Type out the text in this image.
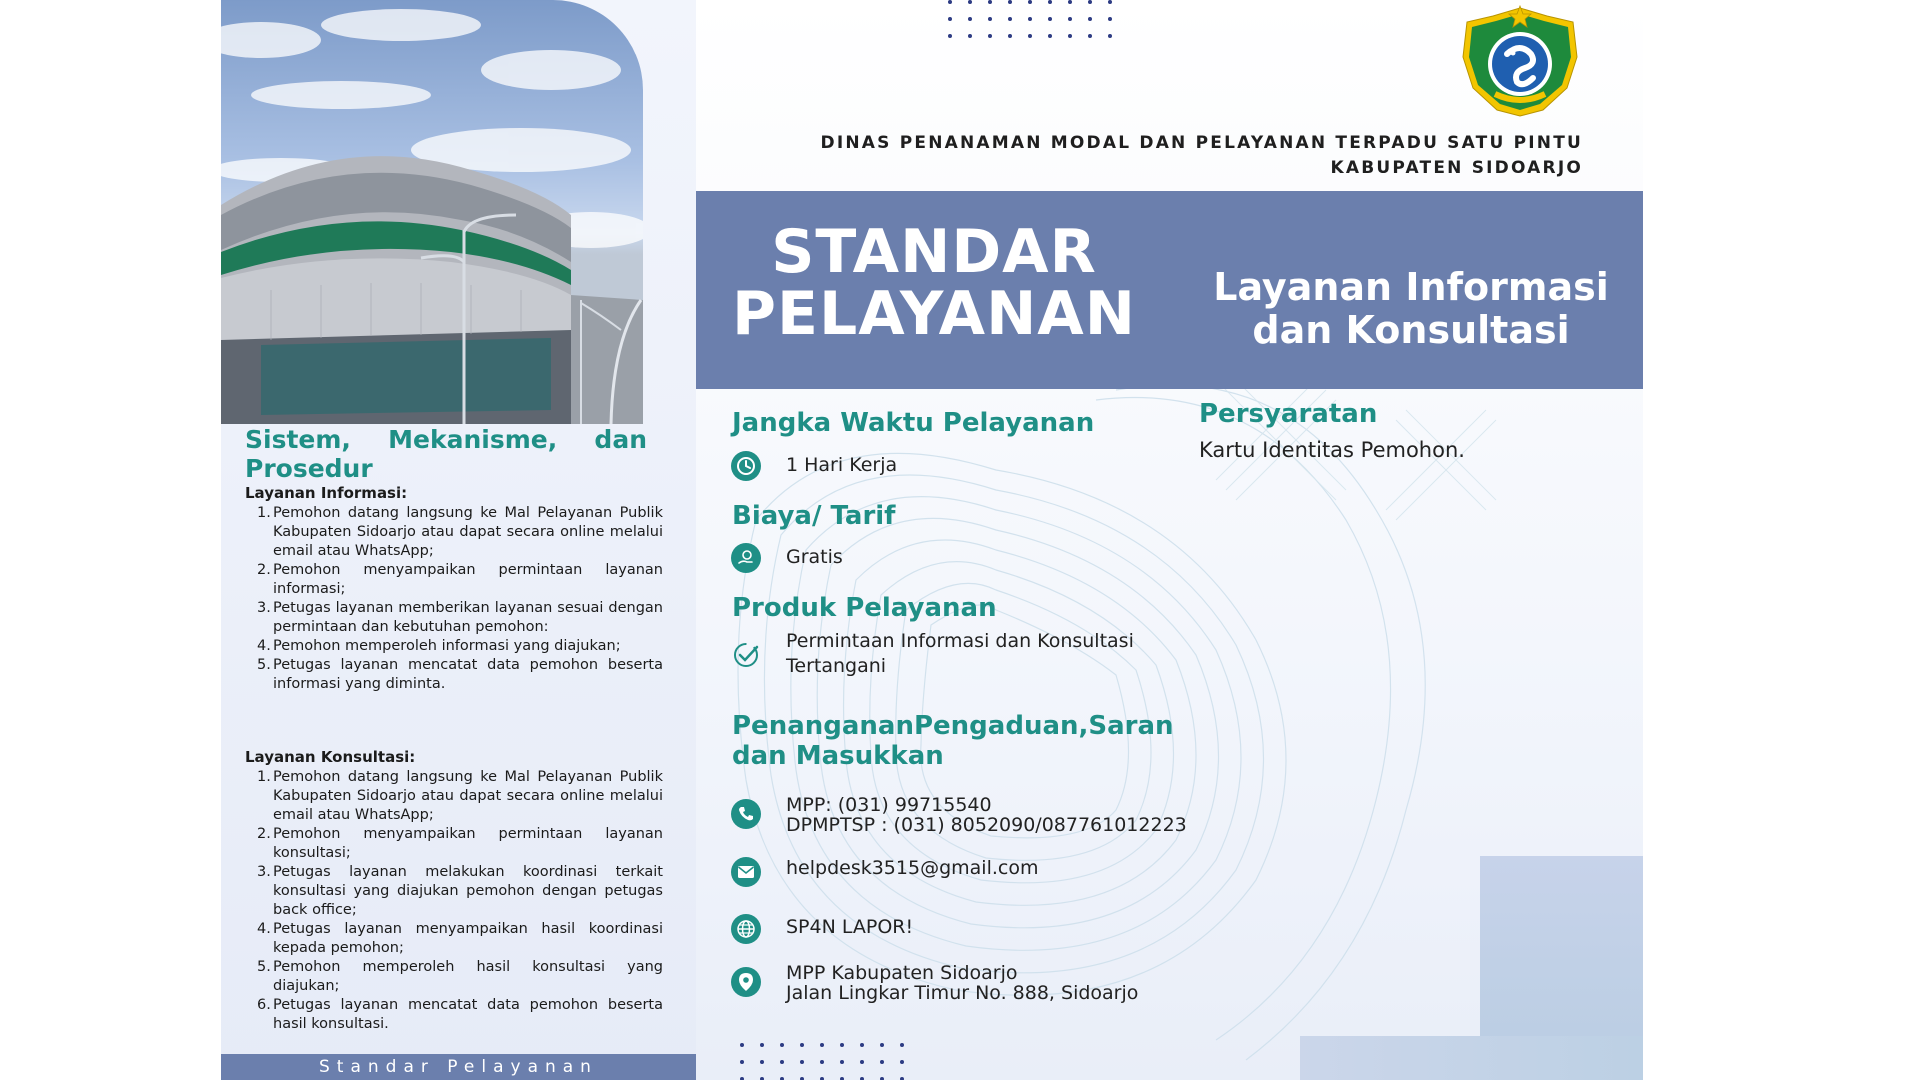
Sistem, Mekanisme, dan
Prosedur
Layanan Informasi:
1. Pemohon datang langsung ke Mal Pelayanan Publik Kabupaten Sidoarjo atau dapat secara online melalui email atau WhatsApp;
2. Pemohon menyampaikan permintaan layanan informasi;
3. Petugas layanan memberikan layanan sesuai dengan permintaan dan kebutuhan pemohon:
4. Pemohon memperoleh informasi yang diajukan;
5. Petugas layanan mencatat data pemohon beserta informasi yang diminta.
Layanan Konsultasi:
1. Pemohon datang langsung ke Mal Pelayanan Publik Kabupaten Sidoarjo atau dapat secara online melalui email atau WhatsApp;
2. Pemohon menyampaikan permintaan layanan konsultasi;
3. Petugas layanan melakukan koordinasi terkait konsultasi yang diajukan pemohon dengan petugas back office;
4. Petugas layanan menyampaikan hasil koordinasi kepada pemohon;
5. Pemohon memperoleh hasil konsultasi yang diajukan;
6. Petugas layanan mencatat data pemohon beserta hasil konsultasi.
Standar Pelayanan
DINAS PENANAMAN MODAL DAN PELAYANAN TERPADU SATU PINTU
KABUPATEN SIDOARJO
STANDAR
PELAYANAN	Layanan Informasi
dan Konsultasi
Jangka Waktu Pelayanan
1 Hari Kerja
Biaya/ Tarif
Gratis
Produk Pelayanan
Permintaan Informasi dan Konsultasi
Tertangani
Persyaratan
Kartu Identitas Pemohon.
Penanganan Pengaduan, Saran
dan Masukkan
MPP: (031) 99715540
DPMPTSP : (031) 8052090/087761012223
helpdesk3515@gmail.com
SP4N LAPOR!
MPP Kabupaten Sidoarjo
Jalan Lingkar Timur No. 888, Sidoarjo
